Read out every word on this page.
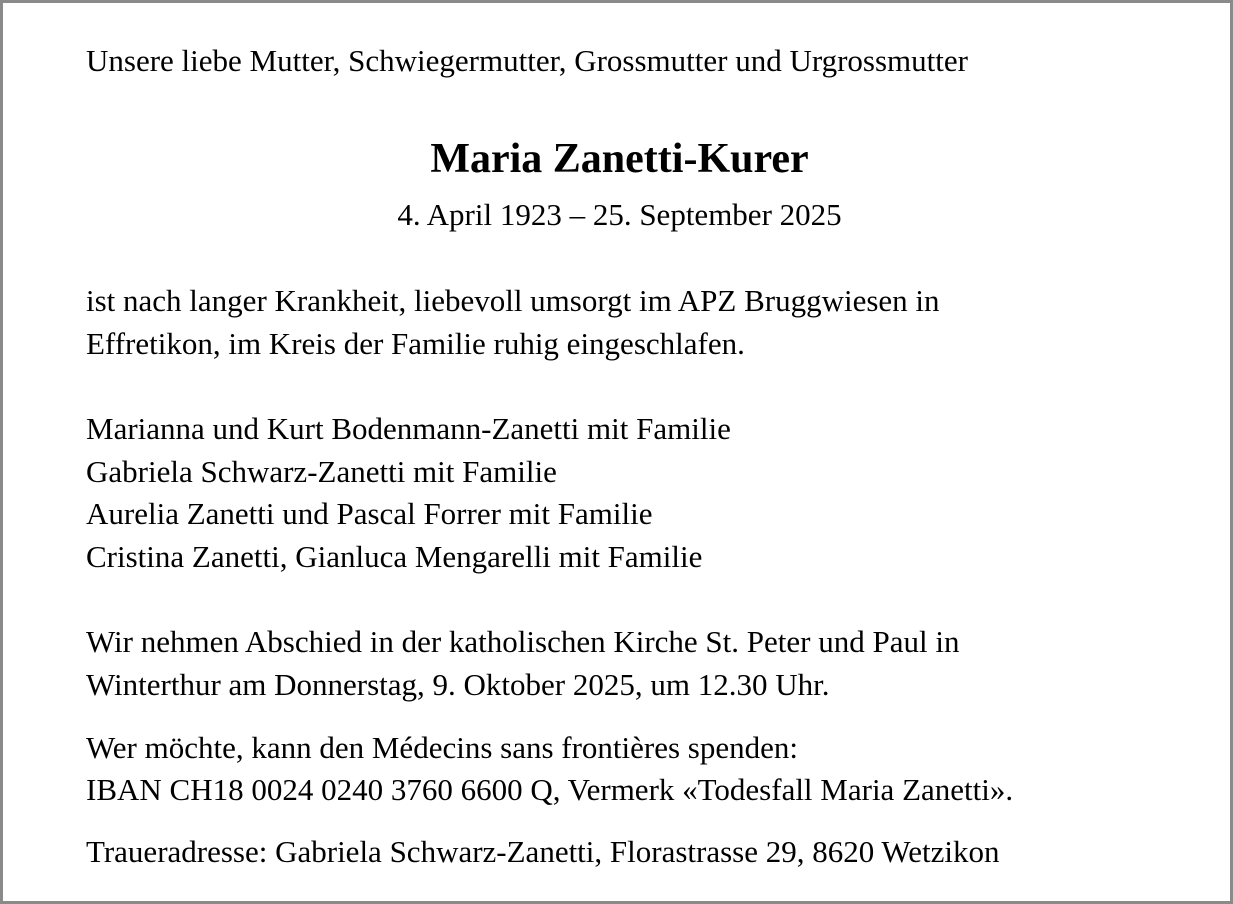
Unsere liebe Mutter, Schwiegermutter, Grossmutter und Urgrossmutter

Maria Zanetti-Kurer

4. April 1923 – 25. September 2025

ist nach langer Krankheit, liebevoll umsorgt im APZ Bruggwiesen in

Effretikon, im Kreis der Familie ruhig eingeschlafen.

Marianna und Kurt Bodenmann-Zanetti mit Familie

Gabriela Schwarz-Zanetti mit Familie

Aurelia Zanetti und Pascal Forrer mit Familie

Cristina Zanetti, Gianluca Mengarelli mit Familie

Wir nehmen Abschied in der katholischen Kirche St. Peter und Paul in

Winterthur am Donnerstag, 9. Oktober 2025, um 12.30 Uhr.

Wer möchte, kann den Médecins sans frontières spenden:

IBAN CH18 0024 0240 3760 6600 Q, Vermerk «Todesfall Maria Zanetti».

Traueradresse: Gabriela Schwarz-Zanetti, Florastrasse 29, 8620 Wetzikon
